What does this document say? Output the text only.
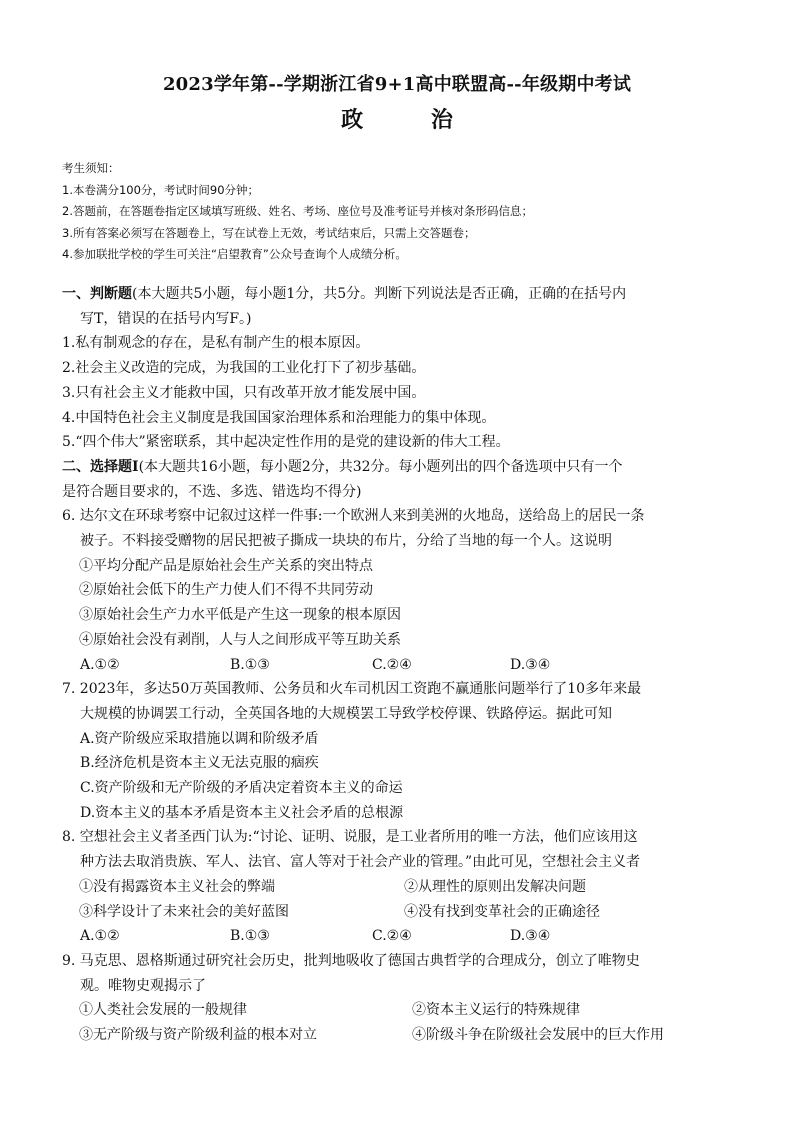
2023学年第--学期浙江省9+1高中联盟高--年级期中考试
政 治
考生须知：
1.本卷满分100分，考试时间90分钟；
2.答题前，在答题卷指定区域填写班级、姓名、考场、座位号及准考证号并核对条形码信息；
3.所有答案必须写在答题卷上，写在试卷上无效，考试结束后，只需上交答题卷；
4.参加联批学校的学生可关注“启望教育”公众号查询个人成绩分析。
一、判断题(本大题共5小题，每小题1分，共5分。判断下列说法是否正确，正确的在括号内
写T，错误的在括号内写F。)
1.私有制观念的存在，是私有制产生的根本原因。
2.社会主义改造的完成，为我国的工业化打下了初步基础。
3.只有社会主义才能救中国，只有改革开放才能发展中国。
4.中国特色社会主义制度是我国国家治理体系和治理能力的集中体现。
5.“四个伟大”紧密联系，其中起决定性作用的是党的建设新的伟大工程。
二、选择题I(本大题共16小题，每小题2分，共32分。每小题列出的四个备选项中只有一个
是符合题目要求的，不选、多选、错选均不得分)
6. 达尔文在环球考察中记叙过这样一件事:一个欧洲人来到美洲的火地岛，送给岛上的居民一条
被子。不料接受赠物的居民把被子撕成一块块的布片，分给了当地的每一个人。这说明
①平均分配产品是原始社会生产关系的突出特点
②原始社会低下的生产力使人们不得不共同劳动
③原始社会生产力水平低是产生这一现象的根本原因
④原始社会没有剥削，人与人之间形成平等互助关系
A.①②	B.①③	C.②④	D.③④
7. 2023年，多达50万英国教师、公务员和火车司机因工资跑不赢通胀问题举行了10多年来最
大规模的协调罢工行动，全英国各地的大规模罢工导致学校停课、铁路停运。据此可知
A.资产阶级应采取措施以调和阶级矛盾
B.经济危机是资本主义无法克服的痼疾
C.资产阶级和无产阶级的矛盾决定着资本主义的命运
D.资本主义的基本矛盾是资本主义社会矛盾的总根源
8. 空想社会主义者圣西门认为:“讨论、证明、说服，是工业者所用的唯一方法，他们应该用这
种方法去取消贵族、军人、法官、富人等对于社会产业的管理。”由此可见，空想社会主义者
①没有揭露资本主义社会的弊端	②从理性的原则出发解决问题
③科学设计了未来社会的美好蓝图	④没有找到变革社会的正确途径
A.①②	B.①③	C.②④	D.③④
9. 马克思、恩格斯通过研究社会历史，批判地吸收了德国古典哲学的合理成分，创立了唯物史
观。唯物史观揭示了
①人类社会发展的一般规律	②资本主义运行的特殊规律
③无产阶级与资产阶级利益的根本对立	④阶级斗争在阶级社会发展中的巨大作用
